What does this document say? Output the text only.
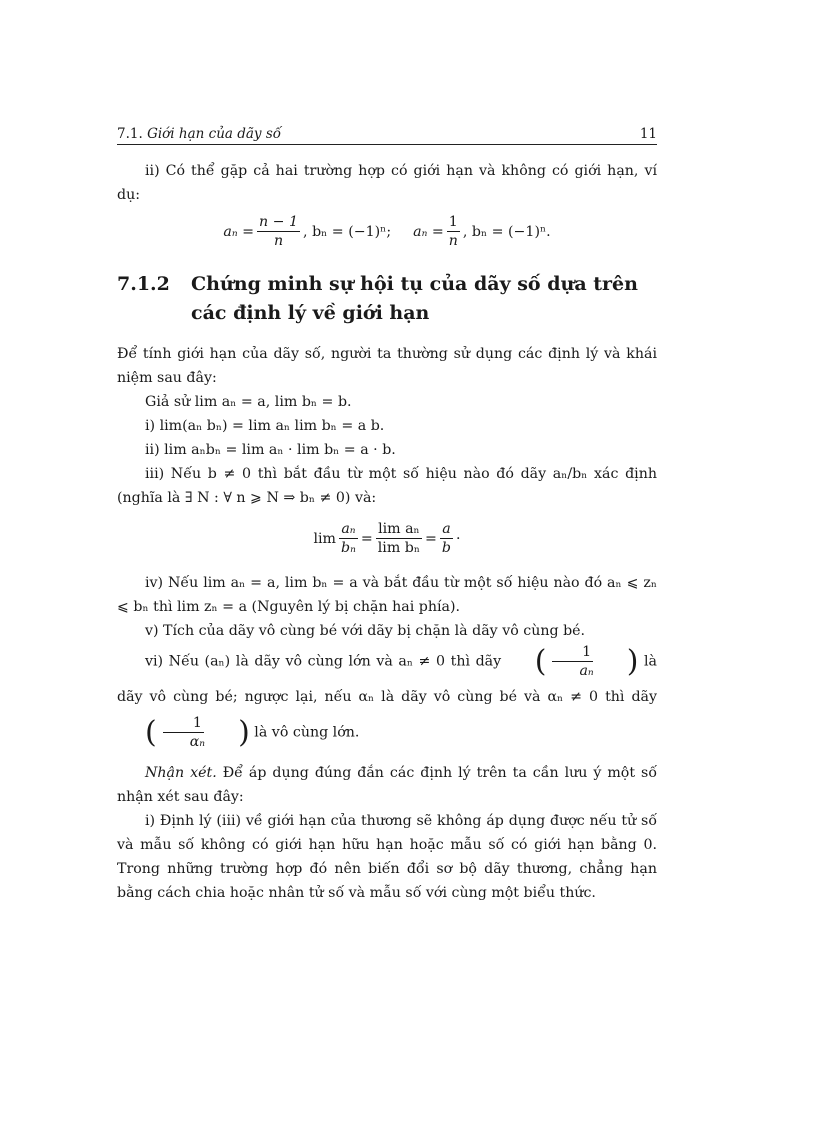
7.1. Giới hạn của dãy số	11

ii) Có thể gặp cả hai trường hợp có giới hạn và không có giới hạn, ví dụ:

$a_n = \frac{n - 1}{n}$ , bₙ = (−1)ⁿ; $a_n = \frac{1}{n}$ , bₙ = (−1)ⁿ.
7.1.2	Chứng minh sự hội tụ của dãy số dựa trên các định lý về giới hạn

Để tính giới hạn của dãy số, người ta thường sử dụng các định lý và khái niệm sau đây:

Giả sử lim aₙ = a, lim bₙ = b.

i) lim(aₙ bₙ) = lim aₙ lim bₙ = a b.

ii) lim aₙbₙ = lim aₙ · lim bₙ = a · b.

iii) Nếu b ≠ 0 thì bắt đầu từ một số hiệu nào đó dãy aₙ/bₙ xác định (nghĩa là ∃ N : ∀ n ⩾ N ⇒ bₙ ≠ 0) và:

$\lim \frac{\text{aₙ}}{\text{bₙ}} = \frac{\text{lim aₙ}}{\text{lim bₙ}} = \frac{a}{b}$ ·

iv) Nếu lim aₙ = a, lim bₙ = a và bắt đầu từ một số hiệu nào đó aₙ ⩽ zₙ ⩽ bₙ thì lim zₙ = a (Nguyên lý bị chặn hai phía).

v) Tích của dãy vô cùng bé với dãy bị chặn là dãy vô cùng bé.

vi) Nếu (aₙ) là dãy vô cùng lớn và aₙ ≠ 0 thì dãy	( $\frac{1}{\text{aₙ}}$	) là dãy vô cùng bé; ngược lại, nếu αₙ là dãy vô cùng bé và αₙ ≠ 0 thì dãy
( $\frac{1}{\text{αₙ}}$	) là vô cùng lớn.

Nhận xét. Để áp dụng đúng đắn các định lý trên ta cần lưu ý một số nhận xét sau đây:

i) Định lý (iii) về giới hạn của thương sẽ không áp dụng được nếu tử số và mẫu số không có giới hạn hữu hạn hoặc mẫu số có giới hạn bằng 0. Trong những trường hợp đó nên biến đổi sơ bộ dãy thương, chẳng hạn bằng cách chia hoặc nhân tử số và mẫu số với cùng một biểu thức.
